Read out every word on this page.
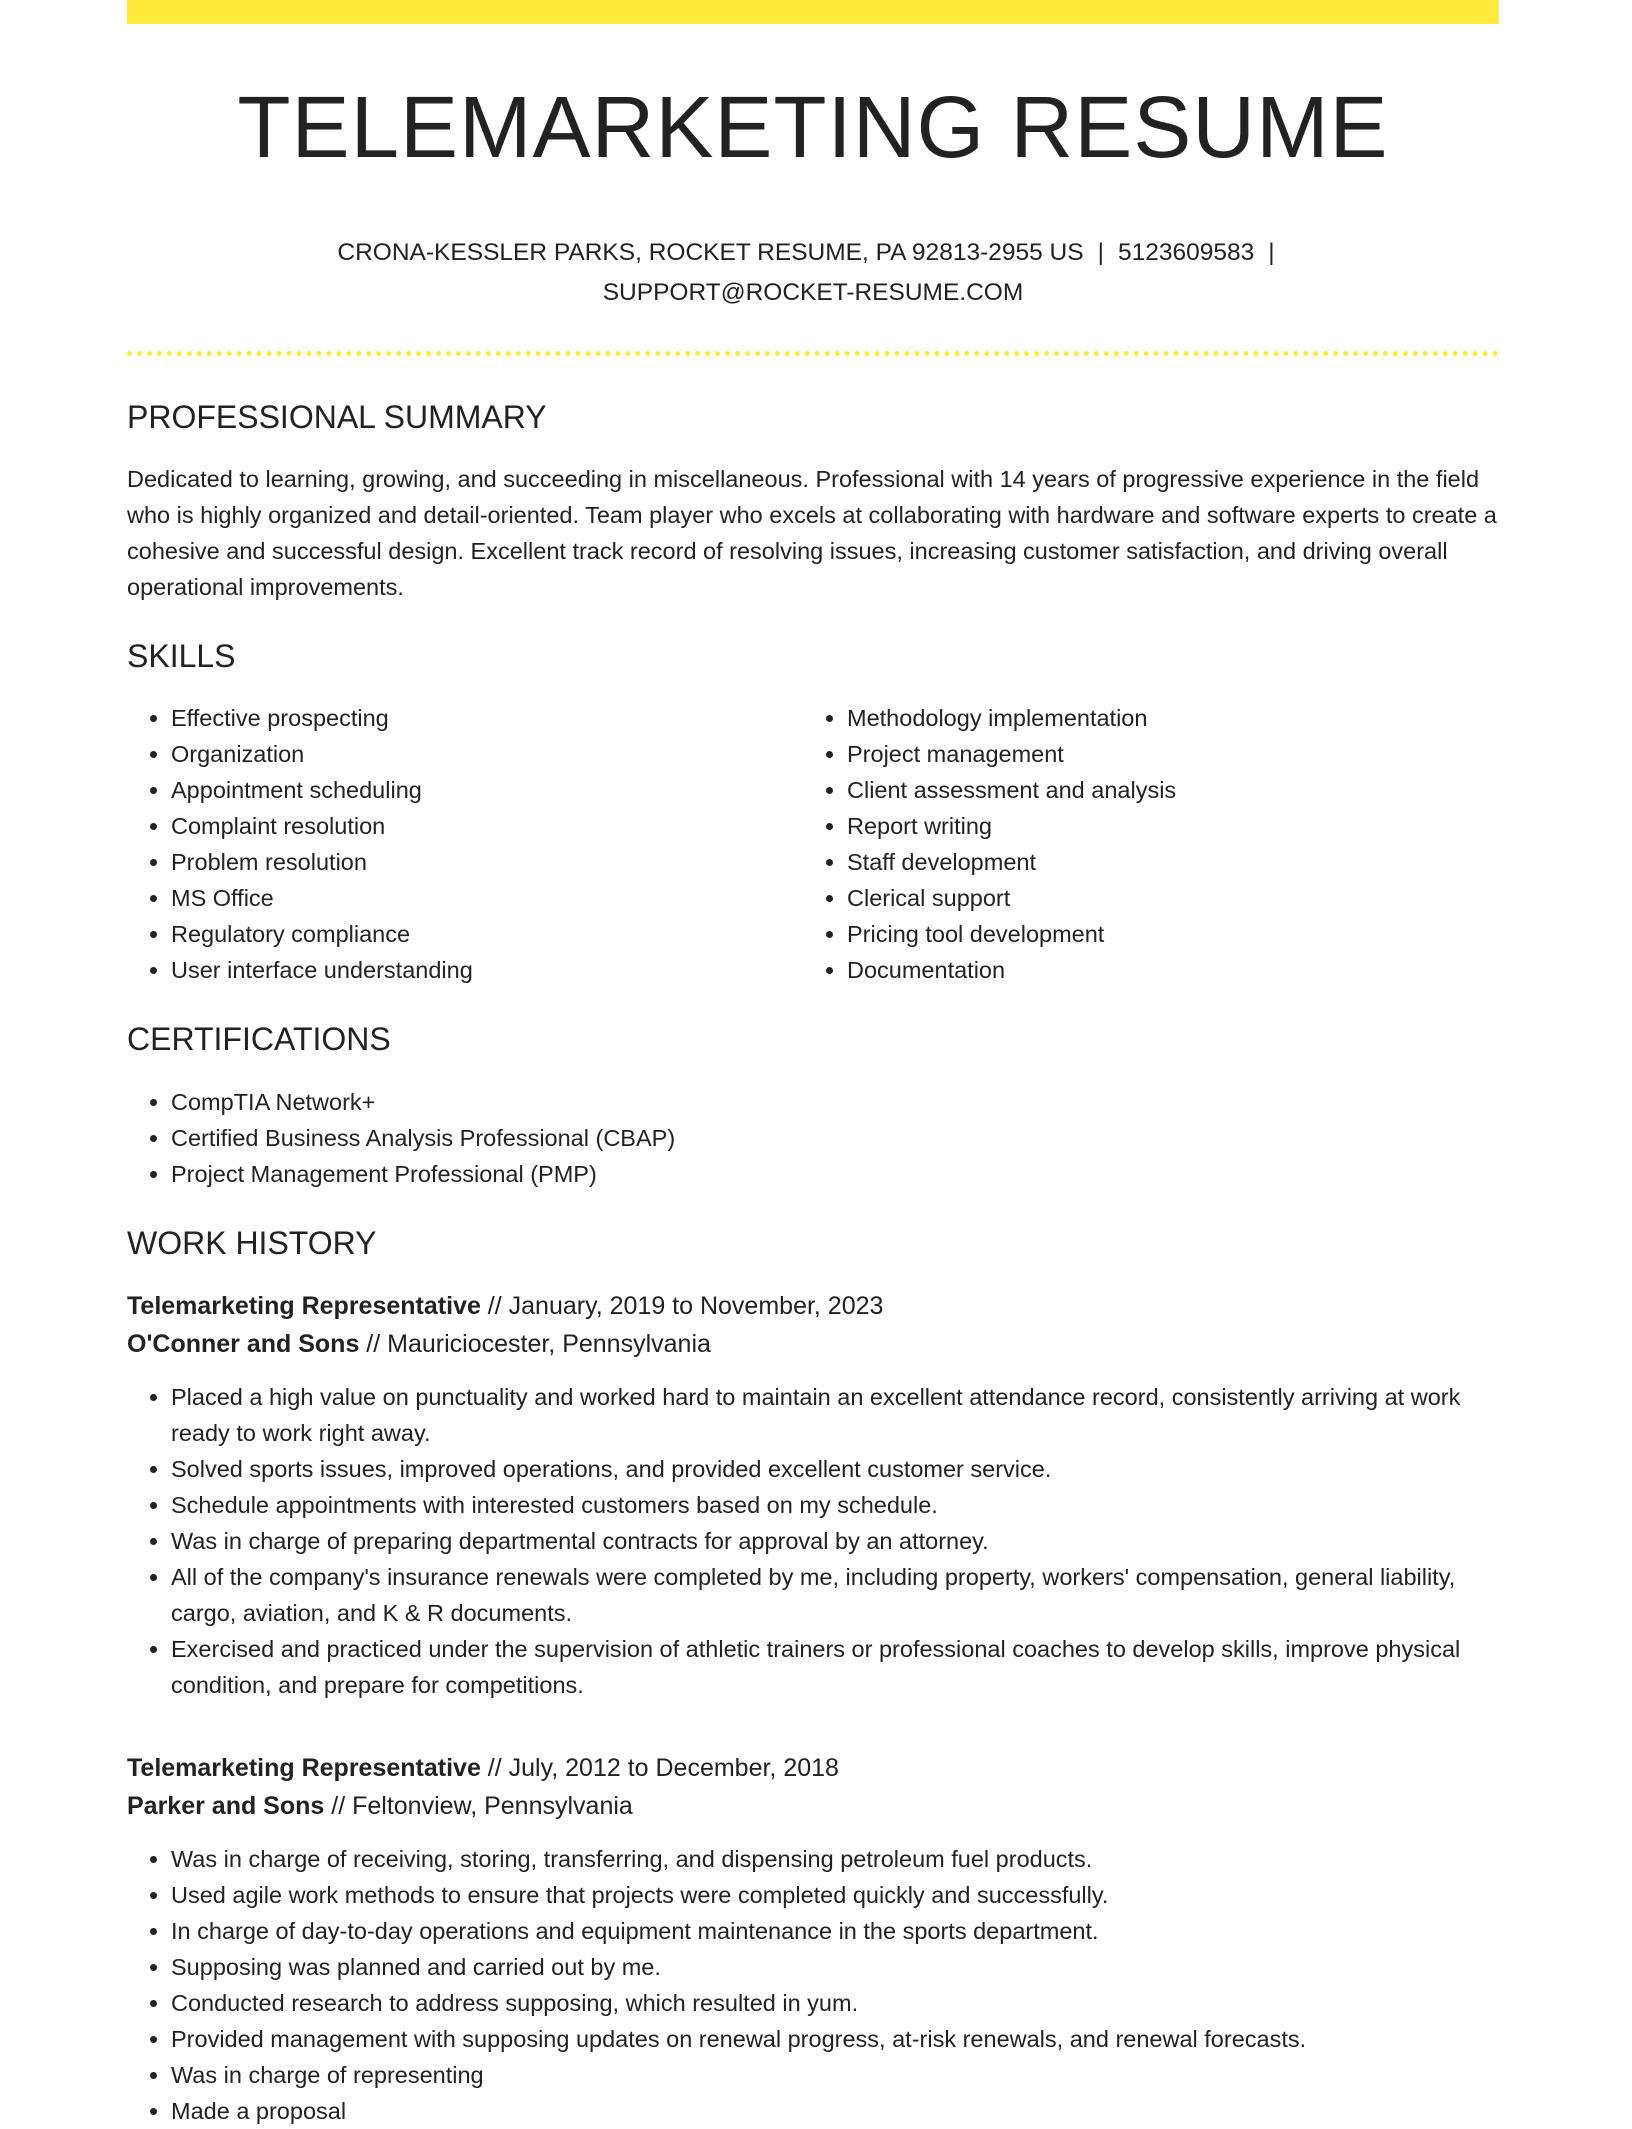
TELEMARKETING RESUME
CRONA-KESSLER PARKS, ROCKET RESUME, PA 92813-2955 US | 5123609583 |
SUPPORT@ROCKET-RESUME.COM
PROFESSIONAL SUMMARY

Dedicated to learning, growing, and succeeding in miscellaneous. Professional with 14 years of progressive experience in the field who is highly organized and detail-oriented. Team player who excels at collaborating with hardware and software experts to create a cohesive and successful design. Excellent track record of resolving issues, increasing customer satisfaction, and driving overall operational improvements.

SKILLS
• Effective prospecting
• Organization
• Appointment scheduling
• Complaint resolution
• Problem resolution
• MS Office
• Regulatory compliance
• User interface understanding
• Methodology implementation
• Project management
• Client assessment and analysis
• Report writing
• Staff development
• Clerical support
• Pricing tool development
• Documentation
CERTIFICATIONS
• CompTIA Network+
• Certified Business Analysis Professional (CBAP)
• Project Management Professional (PMP)
WORK HISTORY
Telemarketing Representative // January, 2019 to November, 2023
O'Conner and Sons // Mauriciocester, Pennsylvania
• Placed a high value on punctuality and worked hard to maintain an excellent attendance record, consistently arriving at work ready to work right away.
• Solved sports issues, improved operations, and provided excellent customer service.
• Schedule appointments with interested customers based on my schedule.
• Was in charge of preparing departmental contracts for approval by an attorney.
• All of the company's insurance renewals were completed by me, including property, workers' compensation, general liability, cargo, aviation, and K & R documents.
• Exercised and practiced under the supervision of athletic trainers or professional coaches to develop skills, improve physical condition, and prepare for competitions.
Telemarketing Representative // July, 2012 to December, 2018
Parker and Sons // Feltonview, Pennsylvania
• Was in charge of receiving, storing, transferring, and dispensing petroleum fuel products.
• Used agile work methods to ensure that projects were completed quickly and successfully.
• In charge of day-to-day operations and equipment maintenance in the sports department.
• Supposing was planned and carried out by me.
• Conducted research to address supposing, which resulted in yum.
• Provided management with supposing updates on renewal progress, at-risk renewals, and renewal forecasts.
• Was in charge of representing
• Made a proposal
